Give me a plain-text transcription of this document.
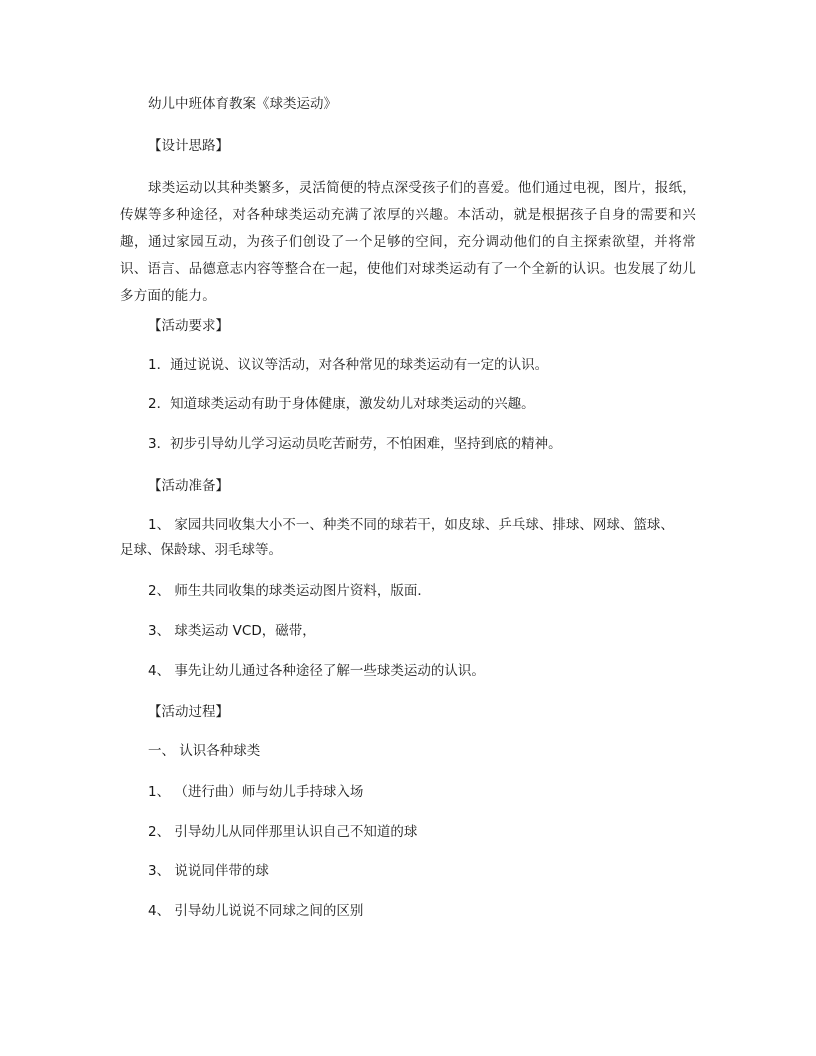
幼儿中班体育教案《球类运动》
【设计思路】
球类运动以其种类繁多，灵活简便的特点深受孩子们的喜爱。他们通过电视，图片，报纸，传媒等多种途径，对各种球类运动充满了浓厚的兴趣。本活动，就是根据孩子自身的需要和兴趣，通过家园互动，为孩子们创设了一个足够的空间，充分调动他们的自主探索欲望，并将常识、语言、品德意志内容等整合在一起，使他们对球类运动有了一个全新的认识。也发展了幼儿多方面的能力。
【活动要求】
1．通过说说、议议等活动，对各种常见的球类运动有一定的认识。
2．知道球类运动有助于身体健康，激发幼儿对球类运动的兴趣。
3．初步引导幼儿学习运动员吃苦耐劳，不怕困难，坚持到底的精神。
【活动准备】
1、 家园共同收集大小不一、种类不同的球若干，如皮球、乒乓球、排球、网球、篮球、
足球、保龄球、羽毛球等。
2、 师生共同收集的球类运动图片资料，版面．
3、 球类运动 VCD，磁带，
4、 事先让幼儿通过各种途径了解一些球类运动的认识。
【活动过程】
一、 认识各种球类
1、 （进行曲）师与幼儿手持球入场
2、 引导幼儿从同伴那里认识自己不知道的球
3、 说说同伴带的球
4、 引导幼儿说说不同球之间的区别
